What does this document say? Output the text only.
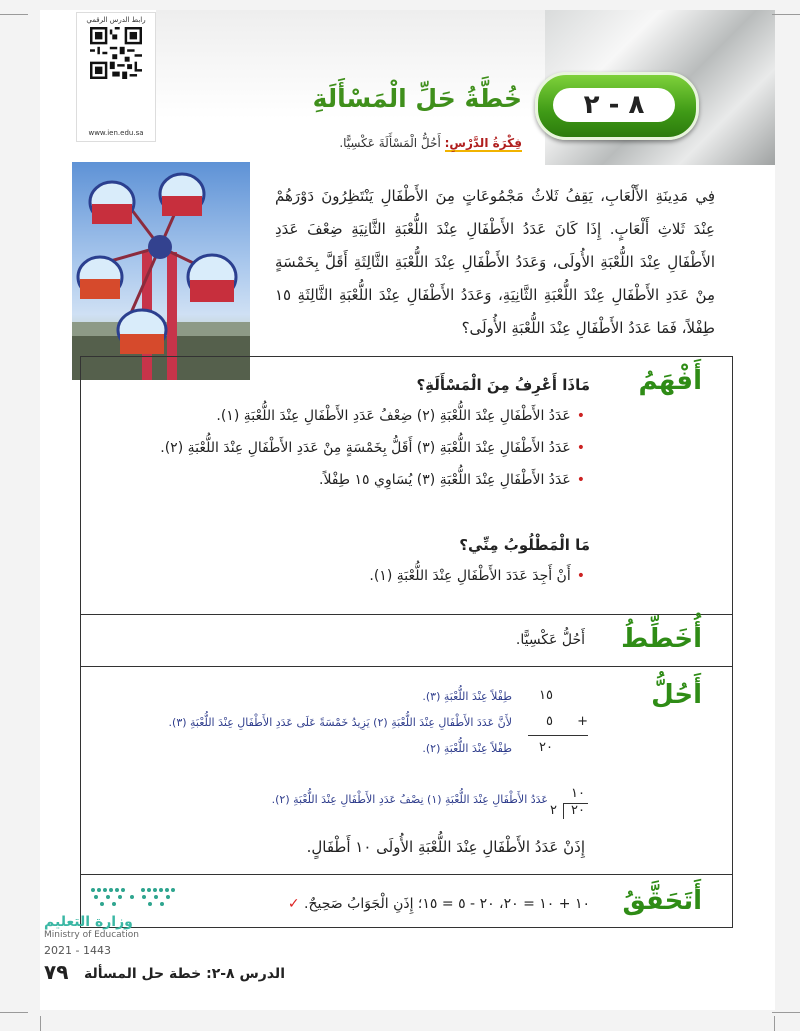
رابط الدرس الرقمي
www.ien.edu.sa
٨ - ٢
خُطَّةُ حَلِّ الْمَسْأَلَةِ
فِكْرَةُ الدَّرْسِ: أَحُلُّ الْمَسْأَلَةَ عَكْسِيًّا.
فِي مَدِينَةِ الأَلْعَابِ، يَقِفُ ثَلاثُ مَجْمُوعَاتٍ مِنَ الأَطْفَالِ يَنْتَظِرُونَ دَوْرَهُمْ عِنْدَ ثَلاثِ أَلْعَابٍ. إِذَا كَانَ عَدَدُ الأَطْفَالِ عِنْدَ اللُّعْبَةِ الثَّانِيَةِ ضِعْفَ عَدَدِ الأَطْفَالِ عِنْدَ اللُّعْبَةِ الأُولَى، وَعَدَدُ الأَطْفَالِ عِنْدَ اللُّعْبَةِ الثَّالِثَةِ أَقَلَّ بِخَمْسَةٍ مِنْ عَدَدِ الأَطْفَالِ عِنْدَ اللُّعْبَةِ الثَّانِيَةِ، وَعَدَدُ الأَطْفَالِ عِنْدَ اللُّعْبَةِ الثَّالِثَةِ ١٥ طِفْلاً، فَمَا عَدَدُ الأَطْفَالِ عِنْدَ اللُّعْبَةِ الأُولَى؟
أَفْهَمُ
مَاذَا أَعْرِفُ مِنَ الْمَسْأَلَةِ؟
•عَدَدُ الأَطْفَالِ عِنْدَ اللُّعْبَةِ (٢) ضِعْفُ عَدَدِ الأَطْفَالِ عِنْدَ اللُّعْبَةِ (١).
•عَدَدُ الأَطْفَالِ عِنْدَ اللُّعْبَةِ (٣) أَقَلُّ بِخَمْسَةٍ مِنْ عَدَدِ الأَطْفَالِ عِنْدَ اللُّعْبَةِ (٢).
•عَدَدُ الأَطْفَالِ عِنْدَ اللُّعْبَةِ (٣) يُسَاوِي ١٥ طِفْلاً.
مَا الْمَطْلُوبُ مِنِّي؟
•أَنْ أَجِدَ عَدَدَ الأَطْفَالِ عِنْدَ اللُّعْبَةِ (١).
أُخَطِّطُ
أَحُلُّ عَكْسِيًّا.
أَحُلُّ
١٥
طِفْلاً عِنْدَ اللُّعْبَةِ (٣).
+
٥
لأَنَّ عَدَدَ الأَطْفَالِ عِنْدَ اللُّعْبَةِ (٢) يَزِيدُ خَمْسَةً عَلَى عَدَدِ الأَطْفَالِ عِنْدَ اللُّعْبَةِ (٣).
٢٠
طِفْلاً عِنْدَ اللُّعْبَةِ (٢).
١٠
٢٠
٢
عَدَدُ الأَطْفَالِ عِنْدَ اللُّعْبَةِ (١) نِصْفُ عَدَدِ الأَطْفَالِ عِنْدَ اللُّعْبَةِ (٢).
إِذَنْ عَدَدُ الأَطْفَالِ عِنْدَ اللُّعْبَةِ الأُولَى ١٠ أَطْفَالٍ.
أَتَحَقَّقُ
١٠ + ١٠ = ٢٠، ٢٠ - ٥ = ١٥؛ إِذَنِ الْجَوَابُ صَحِيحٌ. ✓
وزارة التعليم
Ministry of Education
2021 - 1443
٧٩	الدرس ٨-٢: خطة حل المسألة
